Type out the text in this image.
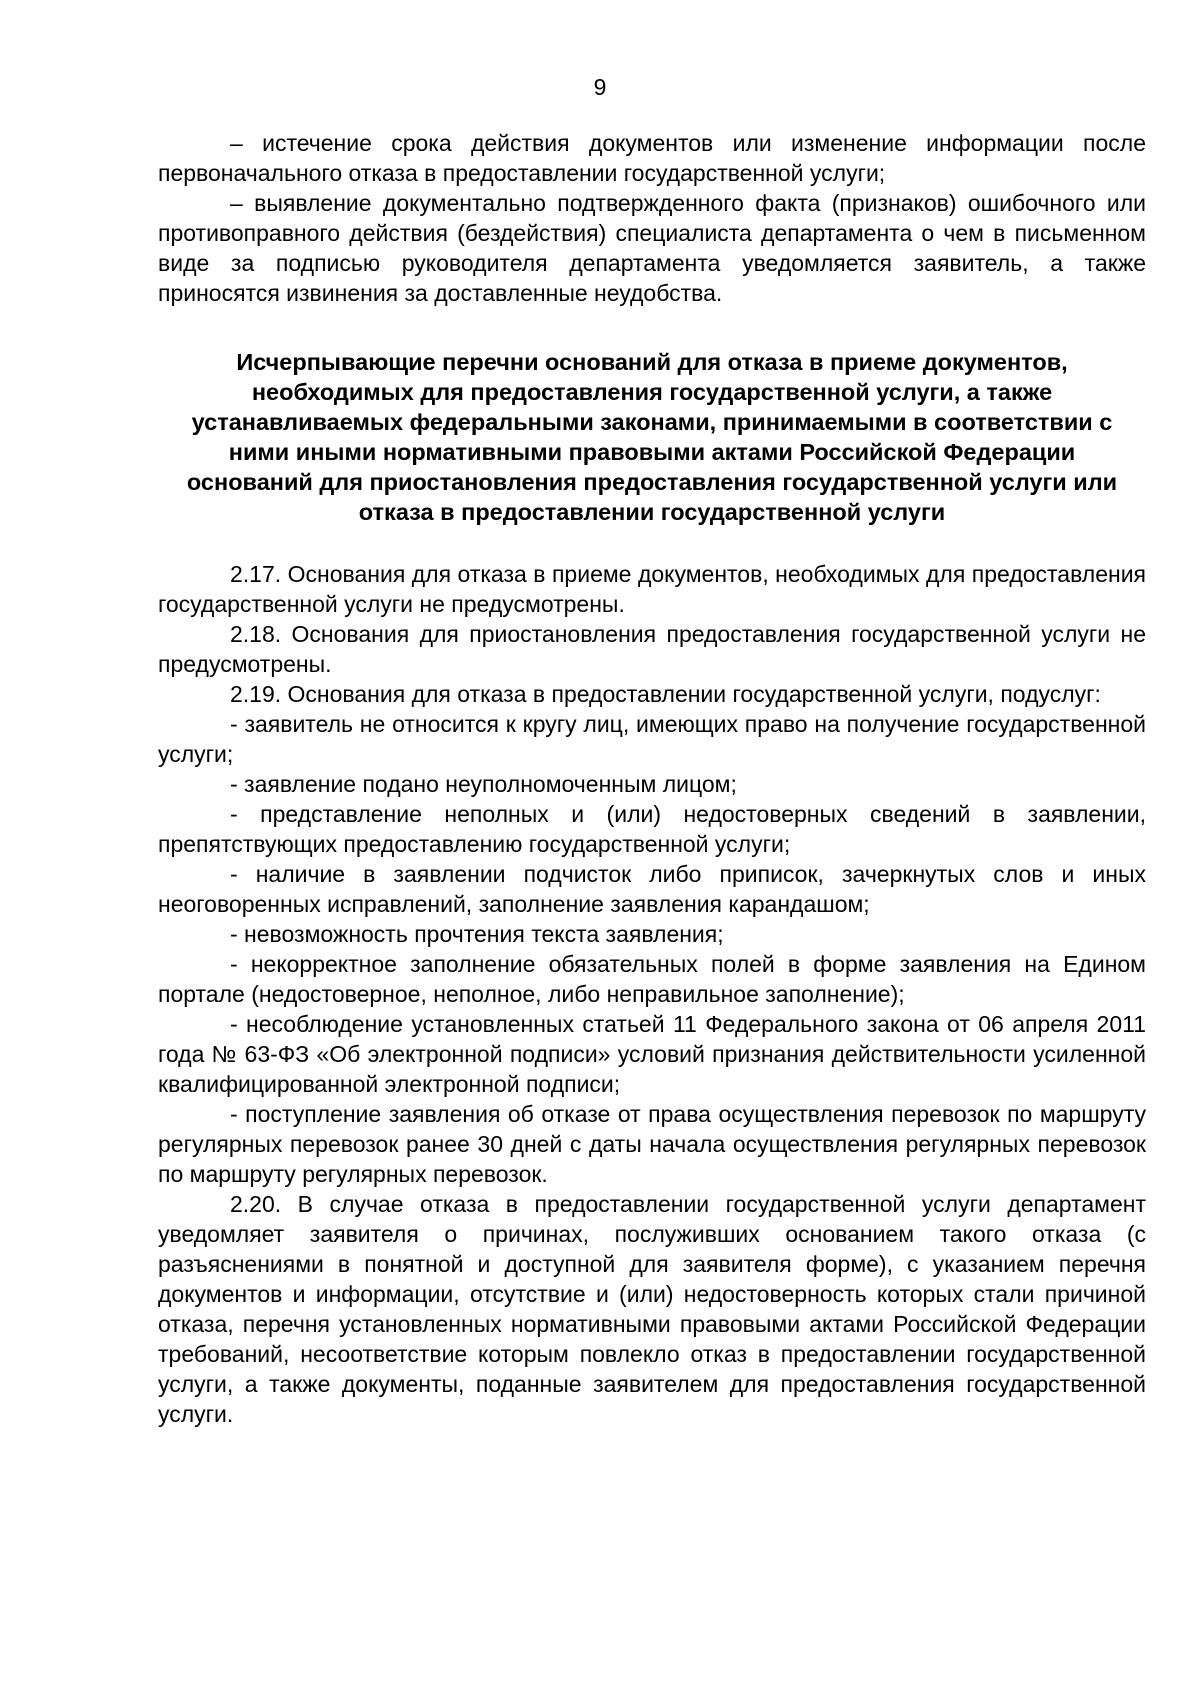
9

– истечение срока действия документов или изменение информации после первоначального отказа в предоставлении государственной услуги;

– выявление документально подтвержденного факта (признаков) ошибочного или противоправного действия (бездействия) специалиста департамента о чем в письменном виде за подписью руководителя департамента уведомляется заявитель, а также приносятся извинения за доставленные неудобства.

Исчерпывающие перечни оснований для отказа в приеме документов, необходимых для предоставления государственной услуги, а также устанавливаемых федеральными законами, принимаемыми в соответствии с ними иными нормативными правовыми актами Российской Федерации оснований для приостановления предоставления государственной услуги или отказа в предоставлении государственной услуги

2.17. Основания для отказа в приеме документов, необходимых для предоставления государственной услуги не предусмотрены.

2.18. Основания для приостановления предоставления государственной услуги не предусмотрены.

2.19. Основания для отказа в предоставлении государственной услуги, подуслуг:

- заявитель не относится к кругу лиц, имеющих право на получение государственной услуги;

- заявление подано неуполномоченным лицом;

- представление неполных и (или) недостоверных сведений в заявлении, препятствующих предоставлению государственной услуги;

- наличие в заявлении подчисток либо приписок, зачеркнутых слов и иных неоговоренных исправлений, заполнение заявления карандашом;

- невозможность прочтения текста заявления;

- некорректное заполнение обязательных полей в форме заявления на Едином портале (недостоверное, неполное, либо неправильное заполнение);

- несоблюдение установленных статьей 11 Федерального закона от 06 апреля 2011 года № 63-ФЗ «Об электронной подписи» условий признания действительности усиленной квалифицированной электронной подписи;

- поступление заявления об отказе от права осуществления перевозок по маршруту регулярных перевозок ранее 30 дней с даты начала осуществления регулярных перевозок по маршруту регулярных перевозок.

2.20. В случае отказа в предоставлении государственной услуги департамент уведомляет заявителя о причинах, послуживших основанием такого отказа (с разъяснениями в понятной и доступной для заявителя форме), с указанием перечня документов и информации, отсутствие и (или) недостоверность которых стали причиной отказа, перечня установленных нормативными правовыми актами Российской Федерации требований, несоответствие которым повлекло отказ в предоставлении государственной услуги, а также документы, поданные заявителем для предоставления государственной услуги.
